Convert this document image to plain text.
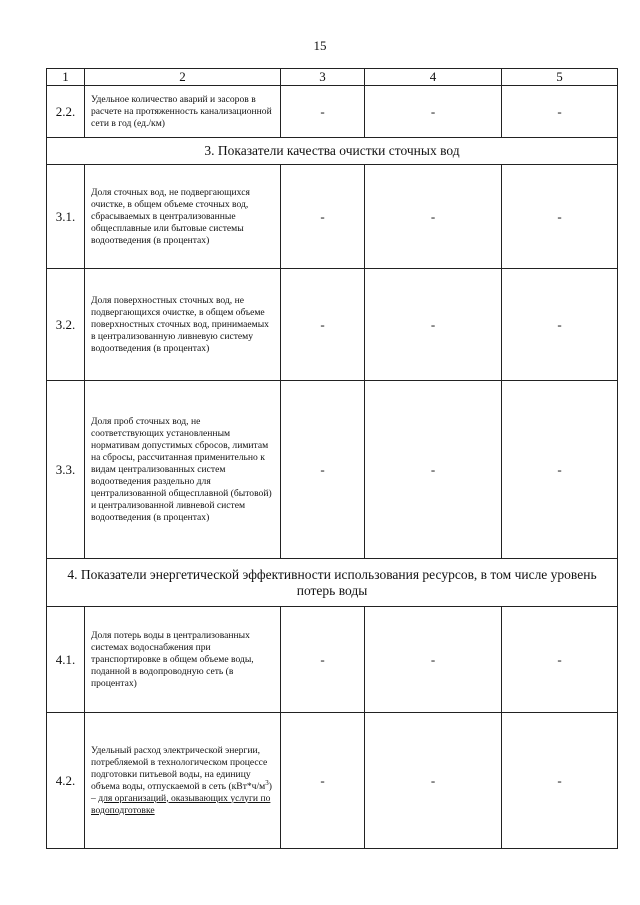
15
1	2	3	4	5
2.2.	Удельное количество аварий и засоров в расчете на протяженность канализационной сети в год (ед./км)	-	-	-
3. Показатели качества очистки сточных вод				
3.1.	Доля сточных вод, не подвергающихся очистке, в общем объеме сточных вод, сбрасываемых в централизованные общесплавные или бытовые системы водоотведения (в процентах)	-	-	-
3.2.	Доля поверхностных сточных вод, не подвергающихся очистке, в общем объеме поверхностных сточных вод, принимаемых в централизованную ливневую систему водоотведения (в процентах)	-	-	-
3.3.	Доля проб сточных вод, не соответствующих установленным нормативам допустимых сбросов, лимитам на сбросы, рассчитанная применительно к видам централизованных систем водоотведения раздельно для централизованной общесплавной (бытовой) и централизованной ливневой систем водоотведения (в процентах)	-	-	-
4. Показатели энергетической эффективности использования ресурсов, в том числе уровень потерь воды				
4.1.	Доля потерь воды в централизованных системах водоснабжения при транспортировке в общем объеме воды, поданной в водопроводную сеть (в процентах)	-	-	-
4.2.	Удельный расход электрической энергии, потребляемой в технологическом процессе подготовки питьевой воды, на единицу объема воды, отпускаемой в сеть $(кВт*ч/м^3)$ – для организаций, оказывающих услуги по водоподготовке	-	-	-
